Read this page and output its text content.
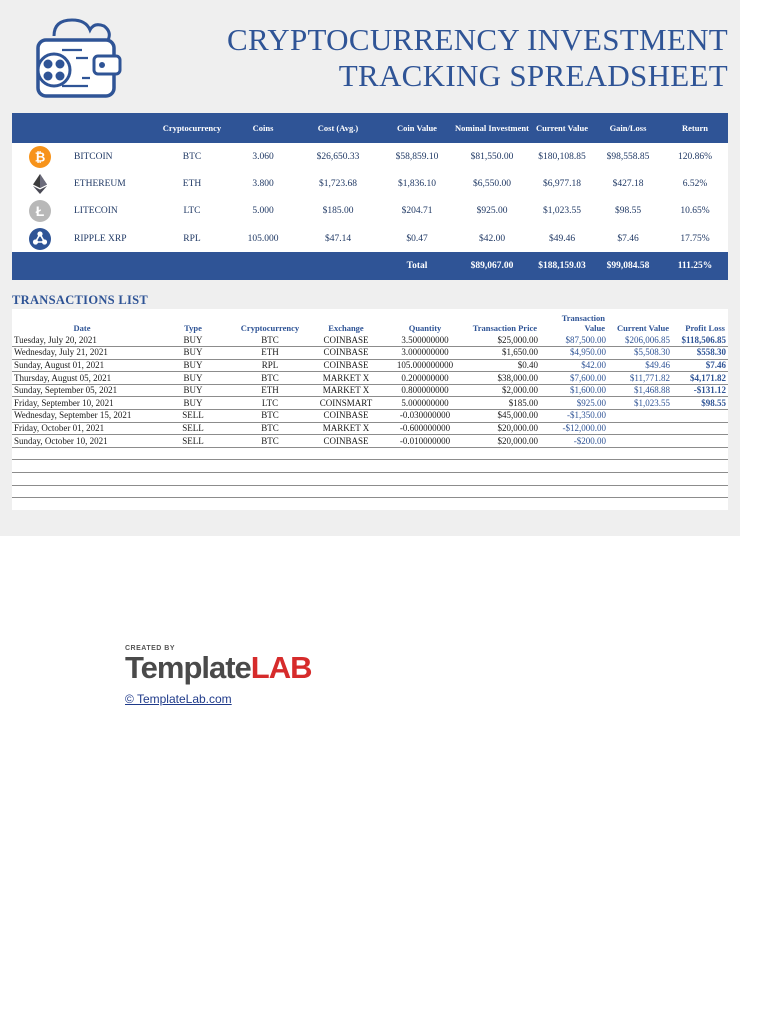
CRYPTOCURRENCY INVESTMENT
TRACKING SPREADSHEET
		Cryptocurrency	Coins	Cost (Avg.)	Coin Value	Nominal Investment	Current Value	Gain/Loss	Return

₿	BITCOIN	BTC	3.060	$26,650.33	$58,859.10	$81,550.00	$180,108.85	$98,558.85	120.86%
	ETHEREUM	ETH	3.800	$1,723.68	$1,836.10	$6,550.00	$6,977.18	$427.18	6.52%

Ł	LITECOIN	LTC	5.000	$185.00	$204.71	$925.00	$1,023.55	$98.55	10.65%
	RIPPLE XRP	RPL	105.000	$47.14	$0.47	$42.00	$49.46	$7.46	17.75%
					Total	$89,067.00	$188,159.03	$99,084.58	111.25%
TRANSACTIONS LIST
Date	Type	Cryptocurrency	Exchange	Quantity	Transaction Price	Transaction Value	Current Value	Profit Loss
Tuesday, July 20, 2021	BUY	BTC	COINBASE	3.500000000	$25,000.00	$87,500.00	$206,006.85	$118,506.85
Wednesday, July 21, 2021	BUY	ETH	COINBASE	3.000000000	$1,650.00	$4,950.00	$5,508.30	$558.30
Sunday, August 01, 2021	BUY	RPL	COINBASE	105.000000000	$0.40	$42.00	$49.46	$7.46
Thursday, August 05, 2021	BUY	BTC	MARKET X	0.200000000	$38,000.00	$7,600.00	$11,771.82	$4,171.82
Sunday, September 05, 2021	BUY	ETH	MARKET X	0.800000000	$2,000.00	$1,600.00	$1,468.88	-$131.12
Friday, September 10, 2021	BUY	LTC	COINSMART	5.000000000	$185.00	$925.00	$1,023.55	$98.55
Wednesday, September 15, 2021	SELL	BTC	COINBASE	-0.030000000	$45,000.00	-$1,350.00		
Friday, October 01, 2021	SELL	BTC	MARKET X	-0.600000000	$20,000.00	-$12,000.00		
Sunday, October 10, 2021	SELL	BTC	COINBASE	-0.010000000	$20,000.00	-$200.00		

CREATED BY
TemplateLAB
© TemplateLab.com
